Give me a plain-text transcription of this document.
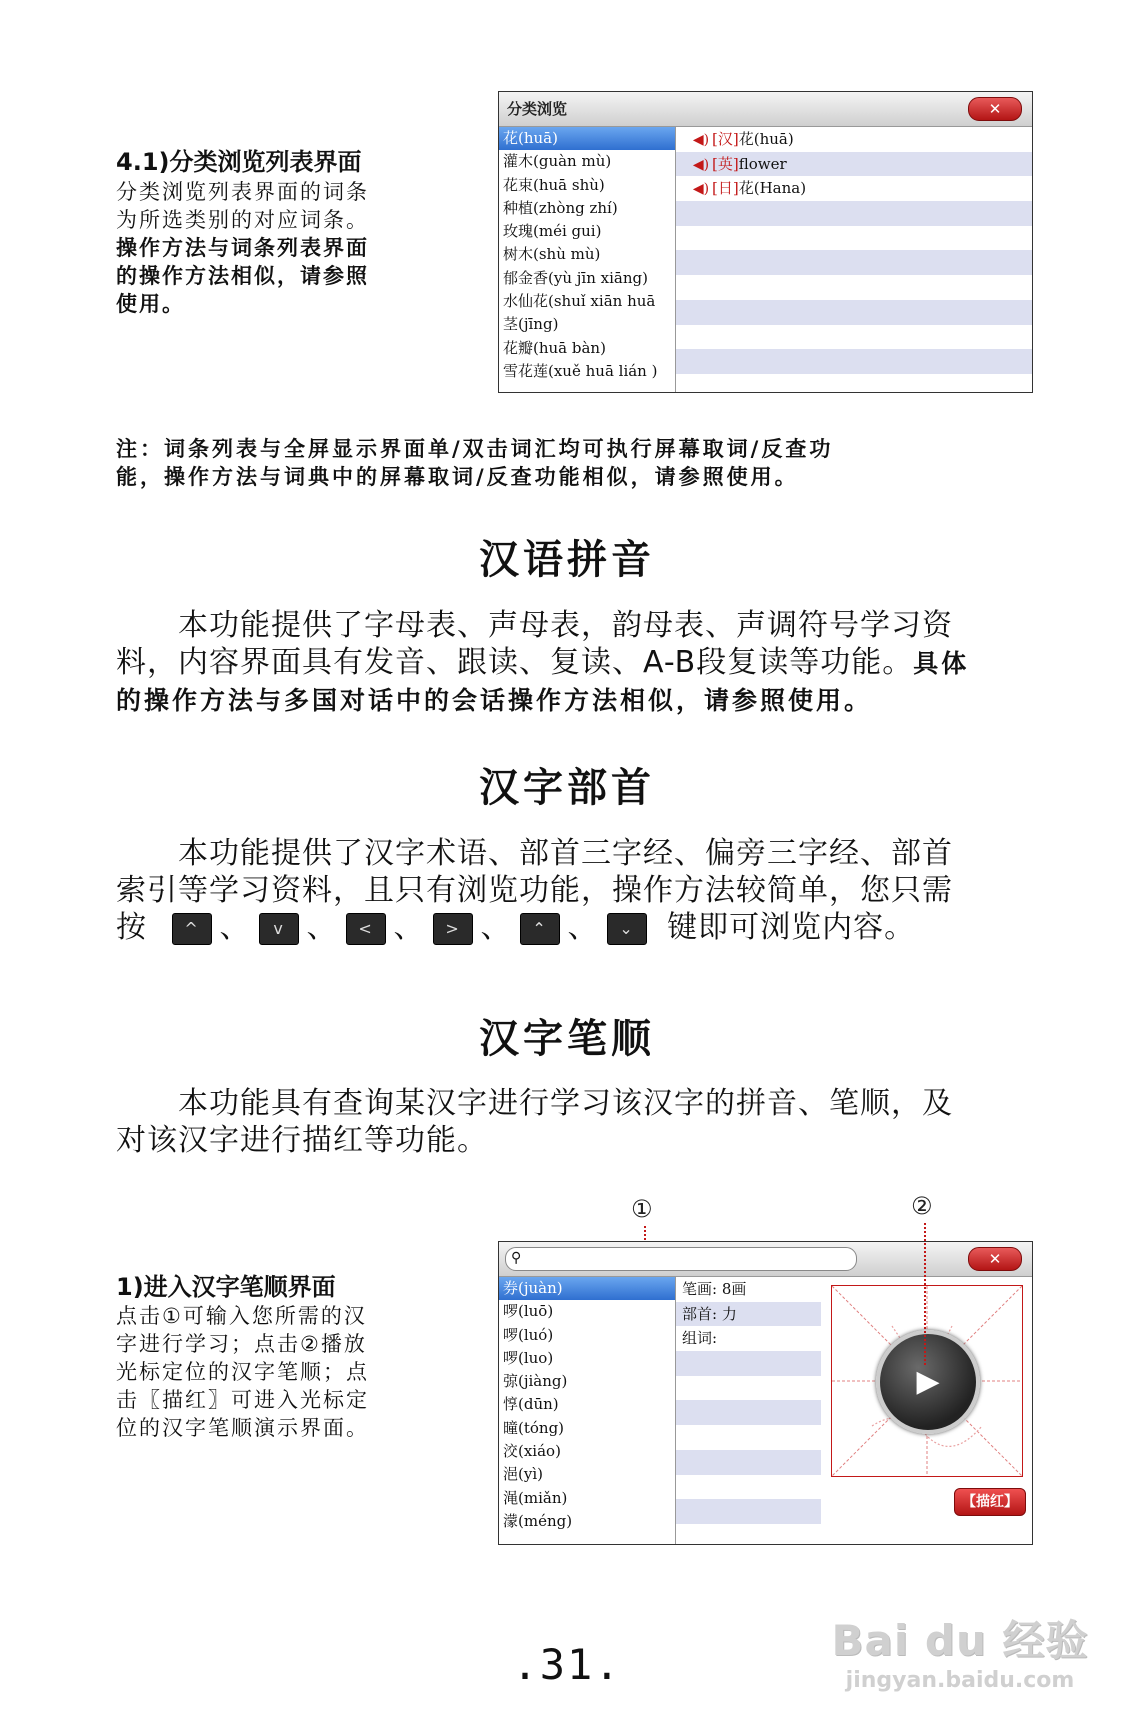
4.1)分类浏览列表界面
分类浏览列表界面的词条
为所选类别的对应词条。
操作方法与词条列表界面
的操作方法相似，请参照
使用。
分类浏览	✕
花(huā)
灌木(guàn mù)
花束(huā shù)
种植(zhòng zhí)
玫瑰(méi gui)
树木(shù mù)
郁金香(yù jīn xiāng)
水仙花(shuǐ xiān huā
茎(jīng)
花瓣(huā bàn)
雪花莲(xuě huā lián )
◀) [汉]花(huā)
◀) [英]flower
◀) [日]花(Hana)
注：词条列表与全屏显示界面单/双击词汇均可执行屏幕取词/反查功
能，操作方法与词典中的屏幕取词/反查功能相似，请参照使用。
汉语拼音
本功能提供了字母表、声母表，韵母表、声调符号学习资
料，内容界面具有发音、跟读、复读、A-B段复读等功能。具体
的操作方法与多国对话中的会话操作方法相似，请参照使用。
汉字部首
本功能提供了汉字术语、部首三字经、偏旁三字经、部首
索引等学习资料，且只有浏览功能，操作方法较简单，您只需
按 ^ 、 v 、 < 、 > 、 ⌃ 、 ⌄ 键即可浏览内容。
汉字笔顺
本功能具有查询某汉字进行学习该汉字的拼音、笔顺，及
对该汉字进行描红等功能。
1)进入汉字笔顺界面
点击①可输入您所需的汉
字进行学习；点击②播放
光标定位的汉字笔顺；点
击〖描红〗可进入光标定
位的汉字笔顺演示界面。
①	②
⚲	✕
券(juàn)
啰(luō)
啰(luó)
啰(luo)
弶(jiàng)
惇(dūn)
曈(tóng)
洨(xiáo)
浥(yì)
渑(miǎn)
濛(méng)
笔画: 8画
部首: 力
组词:
▶
【描红】
.31.	Bai du 经验
jingyan.baidu.com
